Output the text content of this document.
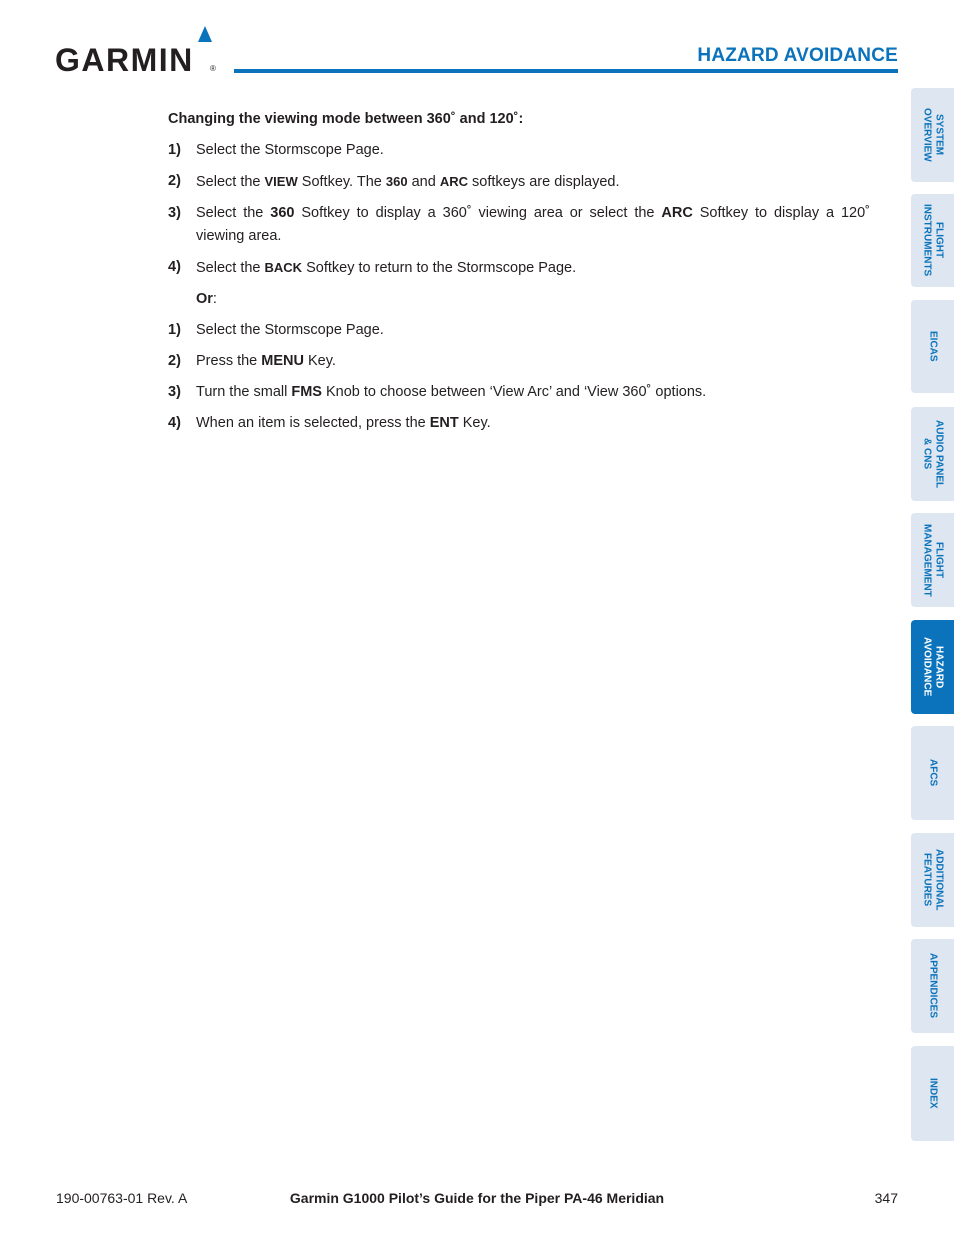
GARMIN ®
HAZARD AVOIDANCE

Changing the viewing mode between 360˚ and 120˚:

1) Select the Stormscope Page.
2) Select the VIEW Softkey. The 360 and ARC softkeys are displayed.
3) Select the 360 Softkey to display a 360˚ viewing area or select the ARC Softkey to display a 120˚ viewing area.
4) Select the BACK Softkey to return to the Stormscope Page.
Or:
1) Select the Stormscope Page.
2) Press the MENU Key.
3) Turn the small FMS Knob to choose between ‘View Arc’ and ‘View 360˚ options.
4) When an item is selected, press the ENT Key.
SYSTEM
OVERVIEW
FLIGHT
INSTRUMENTS
EICAS
AUDIO PANEL
& CNS
FLIGHT
MANAGEMENT
HAZARD
AVOIDANCE
AFCS
ADDITIONAL
FEATURES
APPENDICES
INDEX
190-00763-01 Rev. A	Garmin G1000 Pilot’s Guide for the Piper PA-46 Meridian	347
